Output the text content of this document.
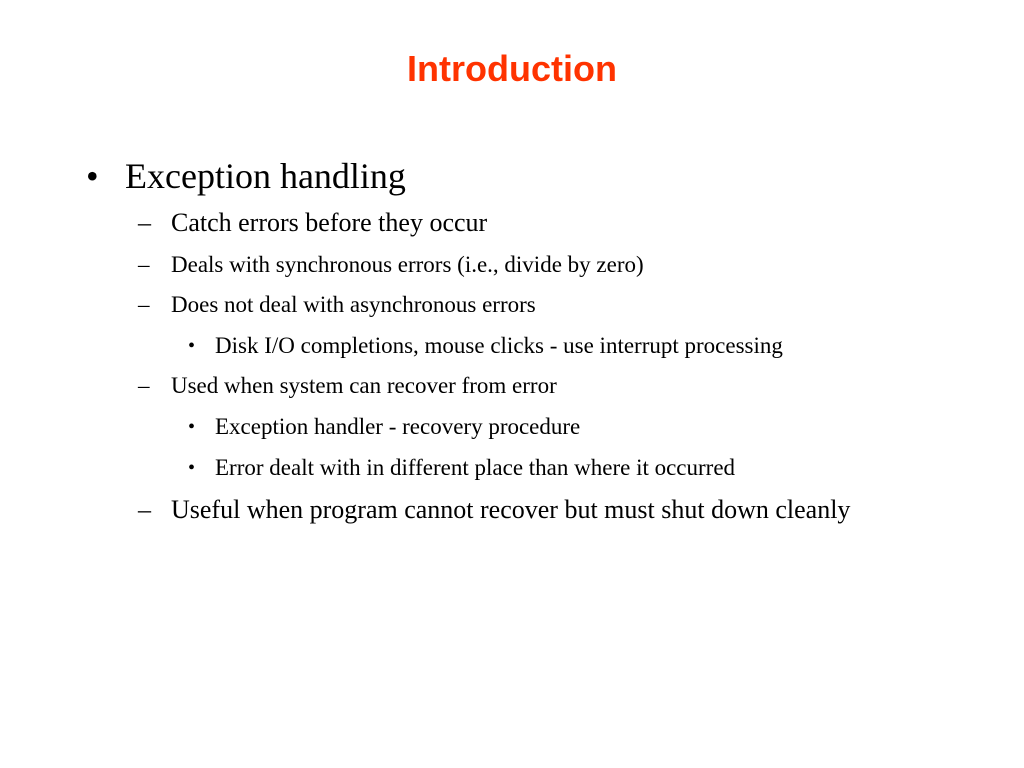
Introduction
• Exception handling
– Catch errors before they occur
– Deals with synchronous errors (i.e., divide by zero)
– Does not deal with asynchronous errors
• Disk I/O completions, mouse clicks - use interrupt processing
– Used when system can recover from error
• Exception handler - recovery procedure
• Error dealt with in different place than where it occurred
– Useful when program cannot recover but must shut down cleanly
